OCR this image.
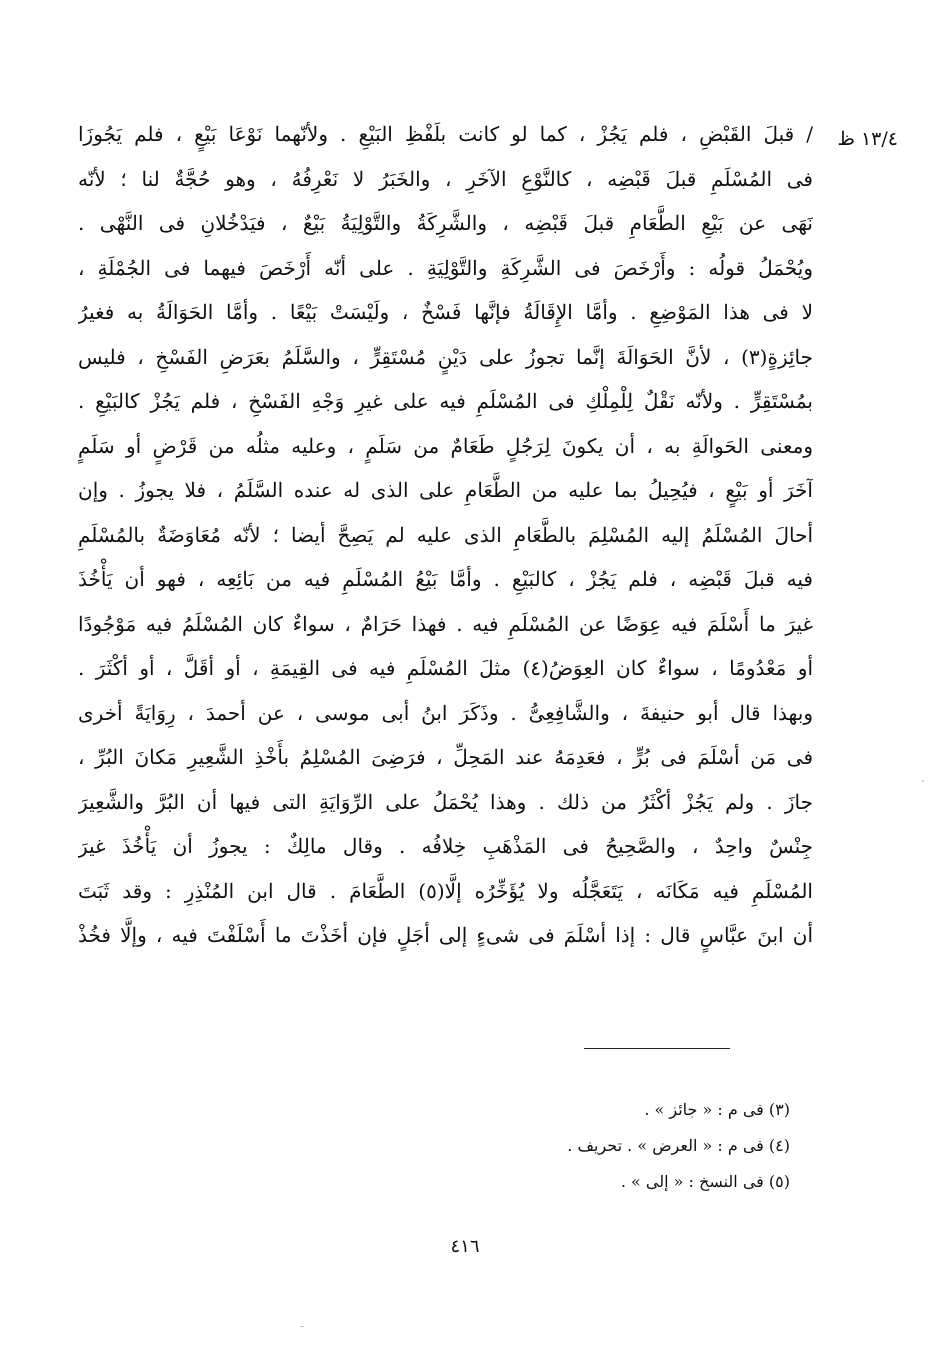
١٣/٤ ظ
/ قبلَ القَبْضِ ، فلم يَجُزْ ، كما لو كانت بلَفْظِ البَيْعِ . ولأنّهما نَوْعَا بَيْعٍ ، فلم يَجُوزَا
فى المُسْلَمِ قبلَ قَبْضِه ، كالنَّوْعِ الآخَرِ ، والخَبَرُ لا نَعْرِفُهُ ، وهو حُجَّةٌ لنا ؛ لأنّه
نَهَى عن بَيْعِ الطَّعَامِ قبلَ قَبْضِه ، والشَّرِكَةُ والتَّوْلِيَةُ بَيْعٌ ، فيَدْخُلانِ فى النَّهْى .
ويُحْمَلُ قولُه : وأَرْخَصَ فى الشَّرِكَةِ والتَّوْلِيَةِ . على أنّه أَرْخَصَ فيهما فى الجُمْلَةِ ،
لا فى هذا المَوْضِعِ . وأمَّا الإِقَالَةُ فإنَّها فَسْخٌ ، ولَيْسَتْ بَيْعًا . وأمَّا الحَوَالَةُ به فغيرُ
جائِزةٍ(٣) ، لأنَّ الحَوَالَةَ إنَّما تجوزُ على دَيْنٍ مُسْتَقِرٍّ ، والسَّلَمُ بعَرَضِ الفَسْخِ ، فليس
بمُسْتَقِرٍّ . ولأنّه نَقْلٌ لِلْمِلْكِ فى المُسْلَمِ فيه على غيرِ وَجْهِ الفَسْخِ ، فلم يَجُزْ كالبَيْعِ .
ومعنى الحَوالَةِ به ، أن يكونَ لِرَجُلٍ طَعَامٌ من سَلَمٍ ، وعليه مثلُه من قَرْضٍ أو سَلَمٍ
آخَرَ أو بَيْعٍ ، فيُحِيلُ بما عليه من الطَّعَامِ على الذى له عنده السَّلَمُ ، فلا يجوزُ . وإن
أحالَ المُسْلَمُ إليه المُسْلِمَ بالطَّعَامِ الذى عليه لم يَصِحَّ أيضا ؛ لأنّه مُعَاوَضَةٌ بالمُسْلَمِ
فيه قبلَ قَبْضِه ، فلم يَجُزْ ، كالبَيْعِ . وأمَّا بَيْعُ المُسْلَمِ فيه من بَائِعِه ، فهو أن يَأْخُذَ
غيرَ ما أَسْلَمَ فيه عِوَضًا عن المُسْلَمِ فيه . فهذا حَرَامٌ ، سواءٌ كان المُسْلَمُ فيه مَوْجُودًا
أو مَعْدُومًا ، سواءٌ كان العِوَضُ(٤) مثلَ المُسْلَمِ فيه فى القِيمَةِ ، أو أقَلَّ ، أو أكْثَرَ .
وبهذا قال أبو حنيفةَ ، والشَّافِعِىُّ . وذَكَرَ ابنُ أبى موسى ، عن أحمدَ ، رِوَايَةً أخرى
فى مَن أسْلَمَ فى بُرٍّ ، فعَدِمَهُ عند المَحِلِّ ، فرَضِىَ المُسْلِمُ بأَخْذِ الشَّعِيرِ مَكانَ البُرِّ ،
جازَ . ولم يَجُزْ أكْثَرُ من ذلك . وهذا يُحْمَلُ على الرِّوَايَةِ التى فيها أن البُرَّ والشَّعِيرَ
جِنْسٌ واحِدٌ ، والصَّحِيحُ فى المَذْهَبِ خِلافُه . وقال مالِكٌ : يجوزُ أن يَأْخُذَ غيرَ
المُسْلَمِ فيه مَكَانَه ، يَتَعَجَّلُه ولا يُؤَخِّرُه إلَّا(٥) الطَّعَامَ . قال ابن المُنْذِرِ : وقد ثَبَتَ
أن ابنَ عبَّاسٍ قال : إذا أسْلَمَ فى شىءٍ إلى أجَلٍ فإن أخَذْتَ ما أَسْلَفْتَ فيه ، وإلَّا فخُذْ
(٣) فى م : « جائز » .
(٤) فى م : « العرض » . تحريف .
(٥) فى النسخ : « إلى » .
٤١٦
